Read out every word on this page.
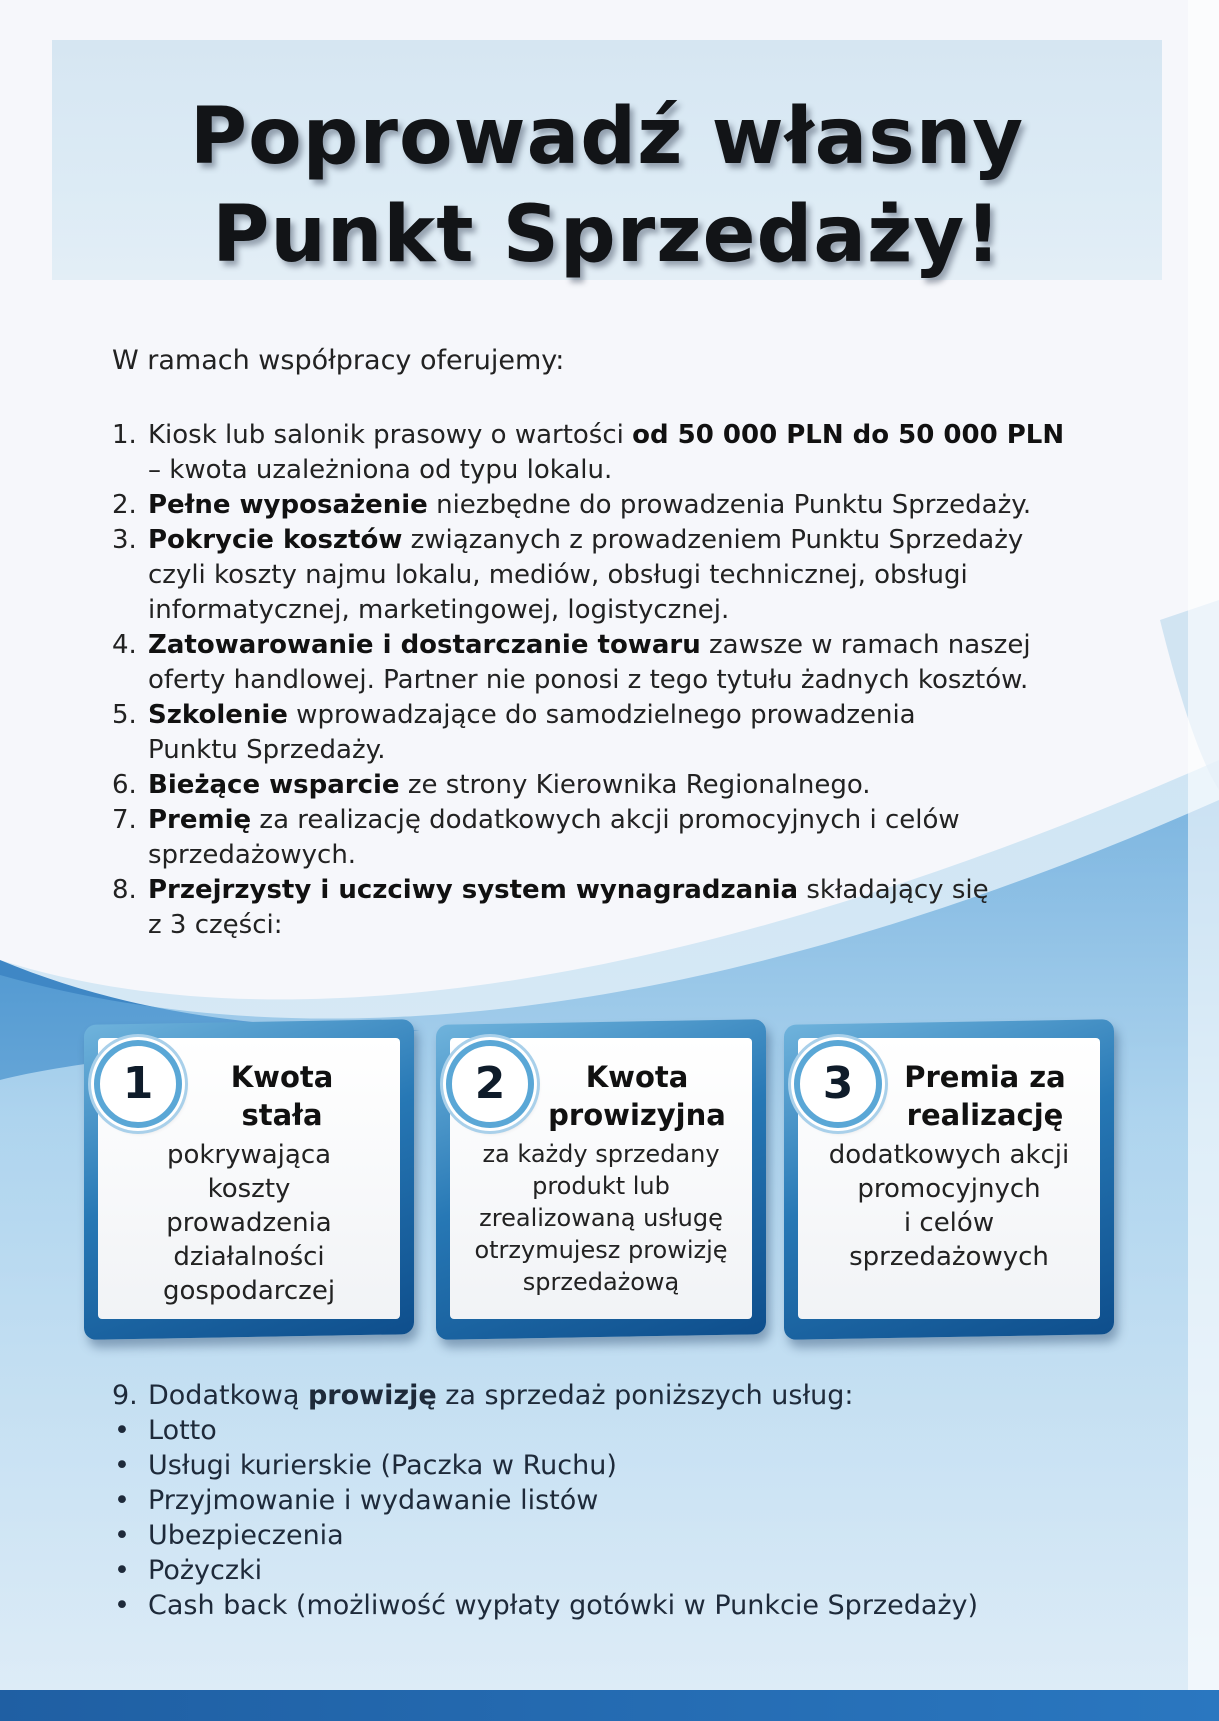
Poprowadź własny
Punkt Sprzedaży!

W ramach współpracy oferujemy:

1. Kiosk lub salonik prasowy o wartości od 50 000 PLN do 50 000 PLN
– kwota uzależniona od typu lokalu.
2. Pełne wyposażenie niezbędne do prowadzenia Punktu Sprzedaży.
3. Pokrycie kosztów związanych z prowadzeniem Punktu Sprzedaży
czyli koszty najmu lokalu, mediów, obsługi technicznej, obsługi
informatycznej, marketingowej, logistycznej.
4. Zatowarowanie i dostarczanie towaru zawsze w ramach naszej
oferty handlowej. Partner nie ponosi z tego tytułu żadnych kosztów.
5. Szkolenie wprowadzające do samodzielnego prowadzenia
Punktu Sprzedaży.
6. Bieżące wsparcie ze strony Kierownika Regionalnego.
7. Premię za realizację dodatkowych akcji promocyjnych i celów
sprzedażowych.
8. Przejrzysty i uczciwy system wynagradzania składający się
z 3 części:
1	Kwota
stała

pokrywająca
koszty
prowadzenia
działalności
gospodarczej

2	Kwota
prowizyjna

za każdy sprzedany
produkt lub
zrealizowaną usługę
otrzymujesz prowizję
sprzedażową

3	Premia za
realizację

dodatkowych akcji
promocyjnych
i celów
sprzedażowych

9. Dodatkową prowizję za sprzedaż poniższych usług:
• Lotto
• Usługi kurierskie (Paczka w Ruchu)
• Przyjmowanie i wydawanie listów
• Ubezpieczenia
• Pożyczki
• Cash back (możliwość wypłaty gotówki w Punkcie Sprzedaży)
